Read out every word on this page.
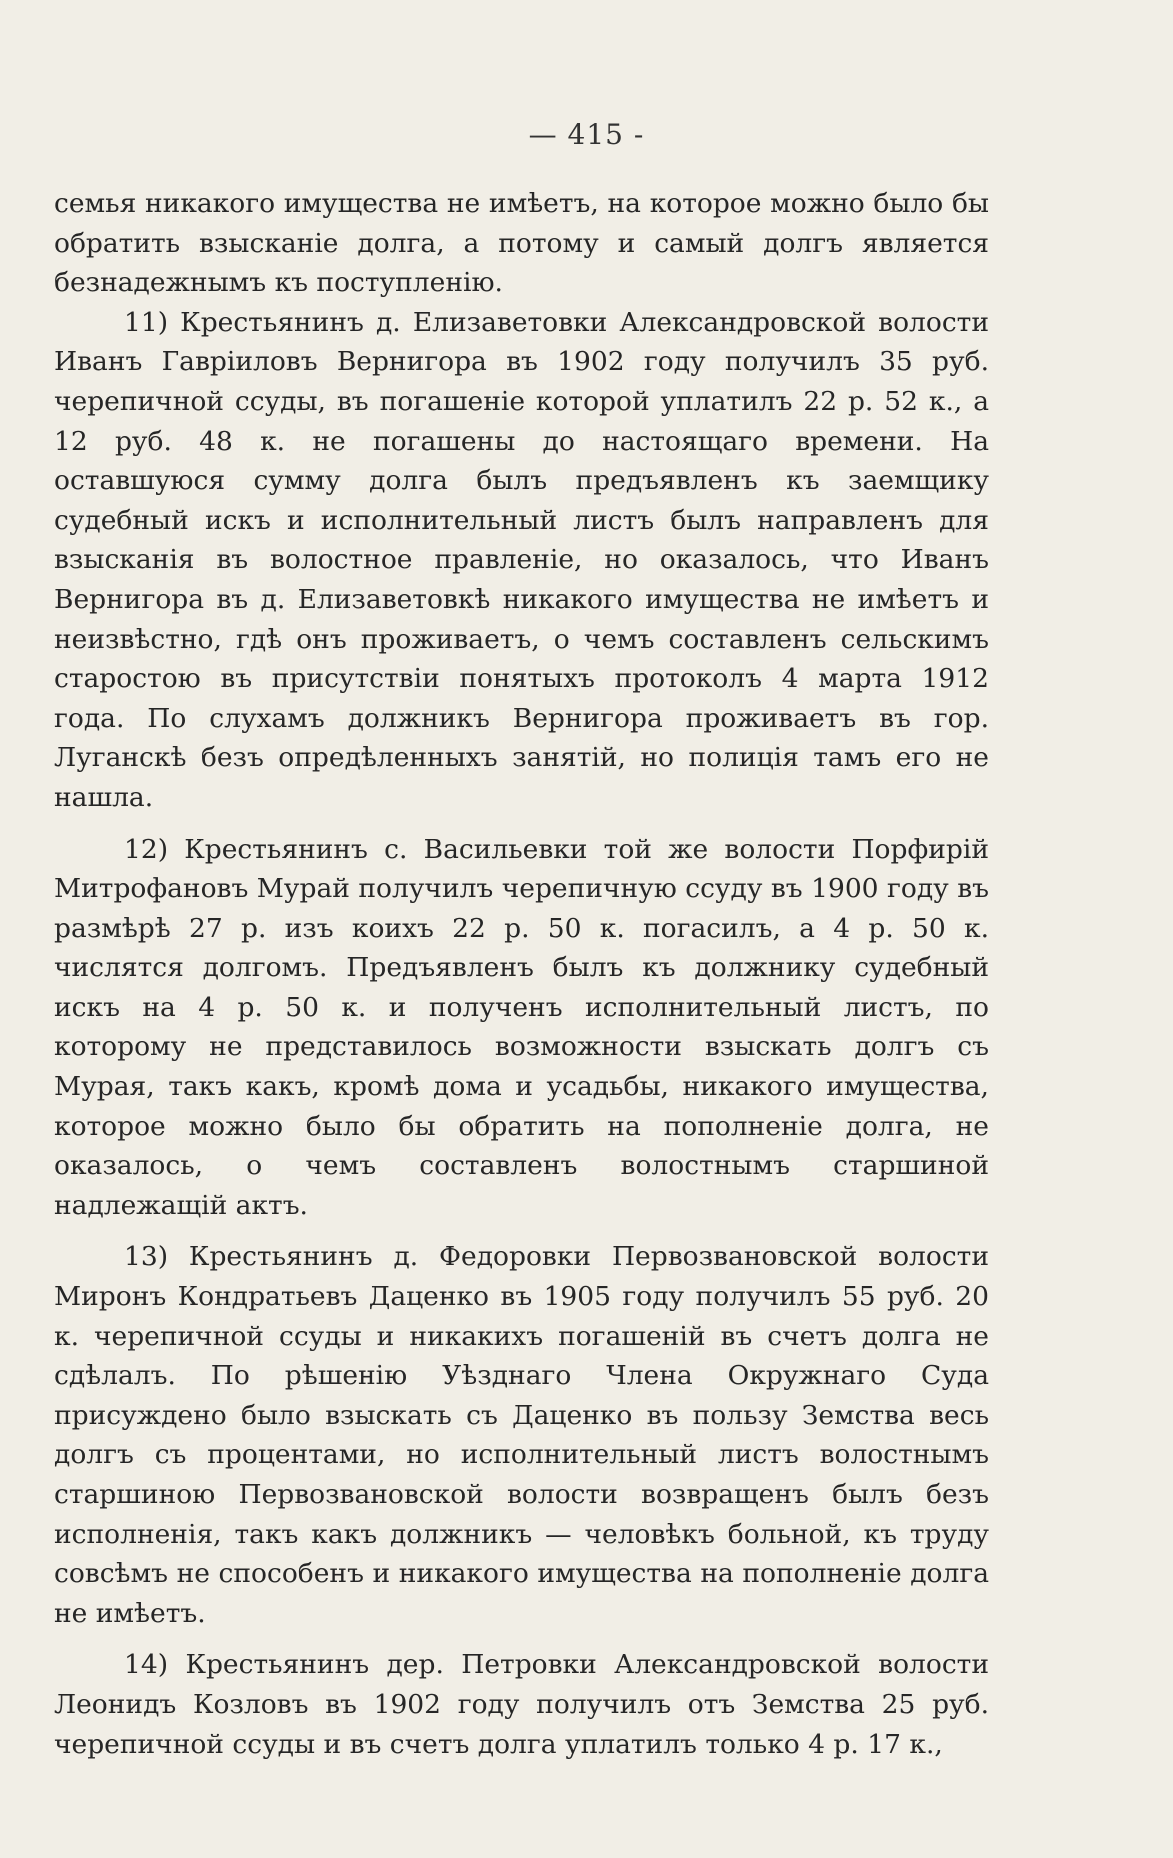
— 415 -

семья никакого имущества не имѣетъ, на которое можно было бы обратить взысканіе долга, а потому и самый долгъ является безнадежнымъ къ поступленію.

11) Крестьянинъ д. Елизаветовки Александровской волости Иванъ Гавріиловъ Вернигора въ 1902 году получилъ 35 руб. черепичной ссуды, въ погашеніе которой уплатилъ 22 р. 52 к., а 12 руб. 48 к. не погашены до настоящаго времени. На оставшуюся сумму долга былъ предъявленъ къ заемщику судебный искъ и исполнительный листъ былъ направленъ для взысканія въ волостное правленіе, но оказалось, что Иванъ Вернигора въ д. Елизаветовкѣ никакого имущества не имѣетъ и неизвѣстно, гдѣ онъ проживаетъ, о чемъ составленъ сельскимъ старостою въ присутствіи понятыхъ протоколъ 4 марта 1912 года. По слухамъ должникъ Вернигора проживаетъ въ гор. Луганскѣ безъ опредѣленныхъ занятій, но полиція тамъ его не нашла.

12) Крестьянинъ с. Васильевки той же волости Порфирій Митрофановъ Мурай получилъ черепичную ссуду въ 1900 году въ размѣрѣ 27 р. изъ коихъ 22 р. 50 к. погасилъ, а 4 р. 50 к. числятся долгомъ. Предъявленъ былъ къ должнику судебный искъ на 4 р. 50 к. и полученъ исполнительный листъ, по которому не представилось возможности взыскать долгъ съ Мурая, такъ какъ, кромѣ дома и усадьбы, никакого имущества, которое можно было бы обратить на пополненіе долга, не оказалось, о чемъ составленъ волостнымъ старшиной надлежащій актъ.

13) Крестьянинъ д. Федоровки Первозвановской волости Миронъ Кондратьевъ Даценко въ 1905 году получилъ 55 руб. 20 к. черепичной ссуды и никакихъ погашеній въ счетъ долга не сдѣлалъ. По рѣшенію Уѣзднаго Члена Окружнаго Суда присуждено было взыскать съ Даценко въ пользу Земства весь долгъ съ процентами, но исполнительный листъ волостнымъ старшиною Первозвановской волости возвращенъ былъ безъ исполненія, такъ какъ должникъ — человѣкъ больной, къ труду совсѣмъ не способенъ и никакого имущества на пополненіе долга не имѣетъ.

14) Крестьянинъ дер. Петровки Александровской волости Леонидъ Козловъ въ 1902 году получилъ отъ Земства 25 руб. черепичной ссуды и въ счетъ долга уплатилъ только 4 р. 17 к.,
